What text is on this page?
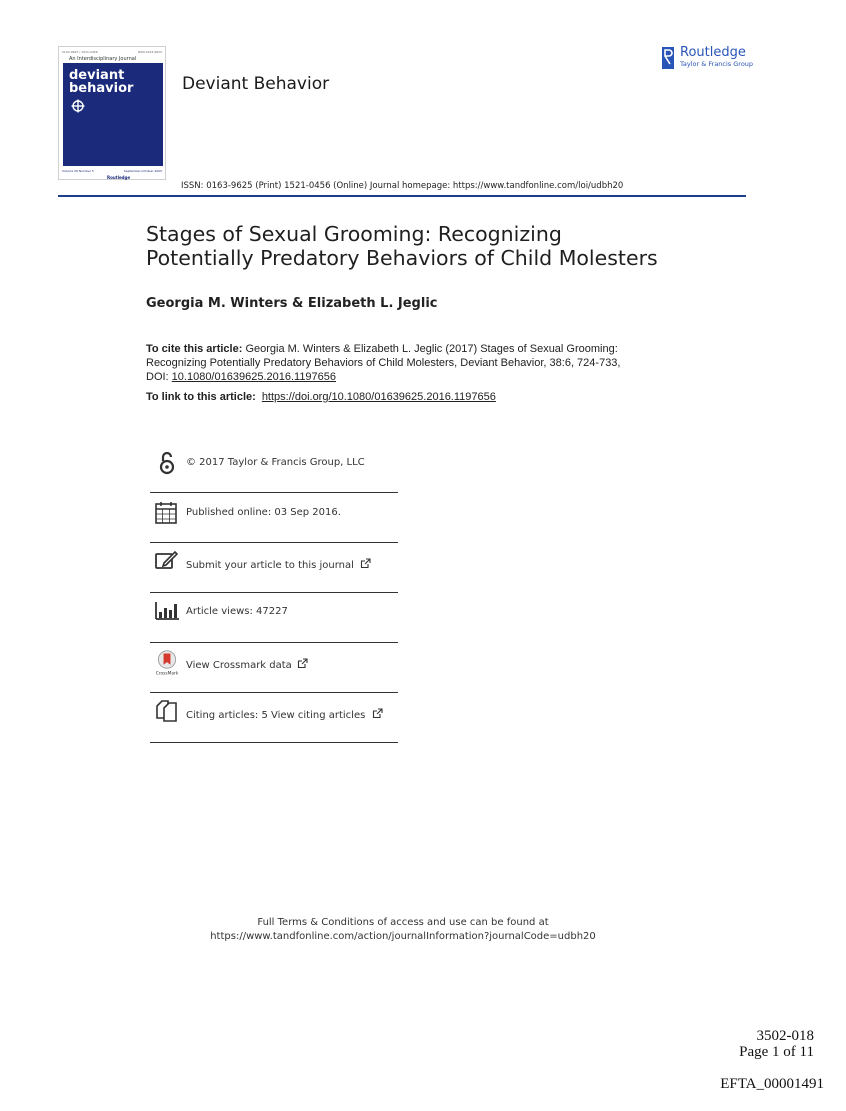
0163-9625 / 1521-0456	ISSN 0163-9625
An Interdisciplinary Journal
deviant
behavior
Volume 26 Number 5	September-October 2005
Routledge
Deviant Behavior
ISSN: 0163-9625 (Print) 1521-0456 (Online) Journal homepage: https://www.tandfonline.com/loi/udbh20
Routledge
Taylor & Francis Group
Stages of Sexual Grooming: Recognizing
Potentially Predatory Behaviors of Child Molesters
Georgia M. Winters & Elizabeth L. Jeglic
To cite this article: Georgia M. Winters & Elizabeth L. Jeglic (2017) Stages of Sexual Grooming:
Recognizing Potentially Predatory Behaviors of Child Molesters, Deviant Behavior, 38:6, 724-733,
DOI: 10.1080/01639625.2016.1197656
To link to this article: https://doi.org/10.1080/01639625.2016.1197656
© 2017 Taylor & Francis Group, LLC
Published online: 03 Sep 2016.
Submit your article to this journal
Article views: 47227
CrossMark
View Crossmark data
Citing articles: 5 View citing articles
Full Terms & Conditions of access and use can be found at
https://www.tandfonline.com/action/journalInformation?journalCode=udbh20
3502-018
Page 1 of 11
EFTA_00001491
